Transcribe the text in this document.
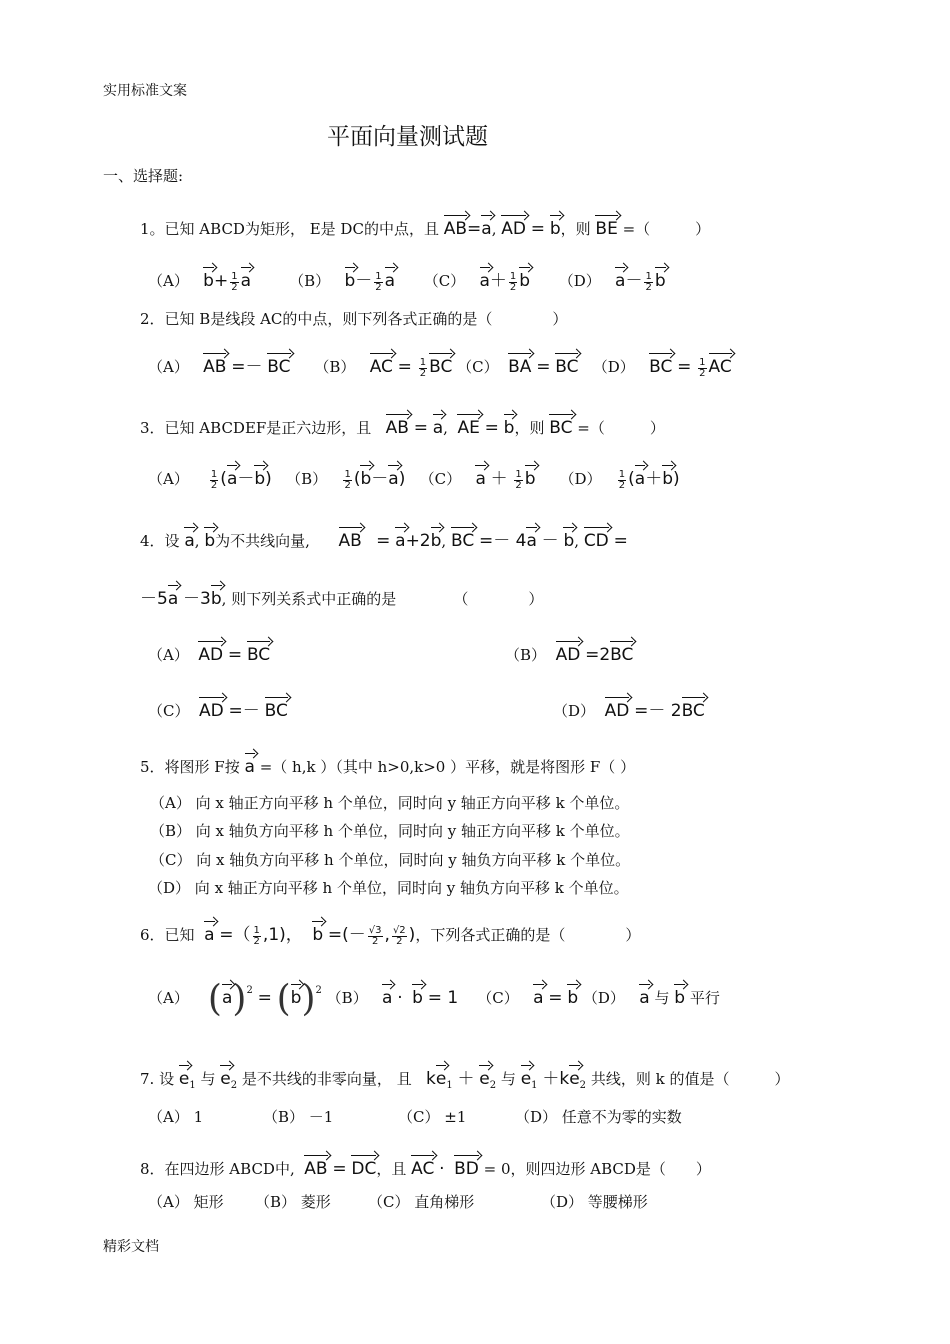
实用标准文案
平面向量测试题
一、选择题:
1。已知 ABCD为矩形， E是 DC的中点，且 AB=a, AD = b，则 BE =（　　　）
（A） $b+ \frac{1}{2}$ a	（B） $b- \frac{1}{2}$ a （C） $a+ \frac{1}{2}$ b （D） $a- \frac{1}{2}$ b
2．已知 B是线段 AC的中点，则下列各式正确的是（　　　　）
（A） AB =－ BC （B） AC = $\frac{1}{2}$ BC （C） BA = BC （D） BC = $\frac{1}{2}$ AC
3．已知 ABCDEF是正六边形，且 AB = a, AE = b，则 BC =（　　　）
$(A) \frac{1}{2} (a-b)$ $(B) \frac{1}{2} (b-a)$ （C） $a + \frac{1}{2}$ b $(D) \frac{1}{2} (a+b)$
4．设 a, b为不共线向量, AB = a+2b, BC =－ 4a － b, CD =
－5a －3b, 则下列关系式中正确的是	（　　　　）
（A） AD = BC	（B） AD =2BC
（C） AD =－ BC	（D） AD =－ 2BC
5．将图形 F按 a =（ h,k ）（其中 h>0,k>0 ）平移，就是将图形 F（ ）
（A） 向 x 轴正方向平移 h 个单位，同时向 y 轴正方向平移 k 个单位。
（B） 向 x 轴负方向平移 h 个单位，同时向 y 轴正方向平移 k 个单位。
（C） 向 x 轴负方向平移 h 个单位，同时向 y 轴负方向平移 k 个单位。
（D） 向 x 轴正方向平移 h 个单位，同时向 y 轴负方向平移 k 个单位。
6．已知 a =（ $\frac{1}{2} ,1$)， b =(－ $\frac{√3}{2}$ , $\frac{√2}{2}$ )，下列各式正确的是（　　　　）
（A） $(a)^2 = (b)^2$ （B） a · b = 1 （C） a = b （D） a 与 b 平行
7. 设 $e_1$ 与 $e_2$ 是不共线的非零向量， 且 $ke_1 + e_2$ 与 $e_1 +ke_2$ 共线，则 k 的值是（　　　）
（A） 1	（B） －1	（C） ±1	（D） 任意不为零的实数
8．在四边形 ABCD中, AB = DC，且 AC · BD = 0，则四边形 ABCD是（　　）
（A） 矩形 （B） 菱形 （C） 直角梯形	（D） 等腰梯形
精彩文档
